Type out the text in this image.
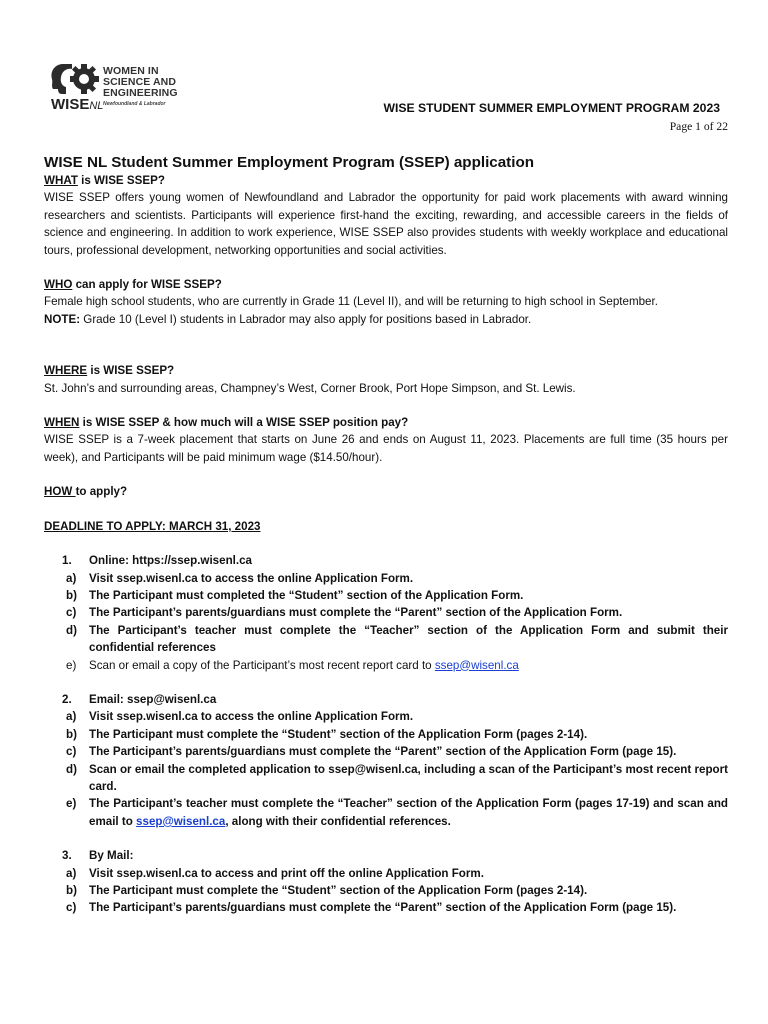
WISENL
WOMEN IN
SCIENCE AND
ENGINEERING
Newfoundland & Labrador	WISE STUDENT SUMMER EMPLOYMENT PROGRAM 2023
Page 1 of 22

WISE NL Student Summer Employment Program (SSEP) application

WHAT is WISE SSEP?

WISE SSEP offers young women of Newfoundland and Labrador the opportunity for paid work placements with award winning researchers and scientists. Participants will experience first-hand the exciting, rewarding, and accessible careers in the fields of science and engineering. In addition to work experience, WISE SSEP also provides students with weekly workplace and educational tours, professional development, networking opportunities and social activities.

WHO can apply for WISE SSEP?

Female high school students, who are currently in Grade 11 (Level II), and will be returning to high school in September.

NOTE: Grade 10 (Level I) students in Labrador may also apply for positions based in Labrador.

WHERE is WISE SSEP?

St. John’s and surrounding areas, Champney’s West, Corner Brook, Port Hope Simpson, and St. Lewis.

WHEN is WISE SSEP & how much will a WISE SSEP position pay?

WISE SSEP is a 7-week placement that starts on June 26 and ends on August 11, 2023. Placements are full time (35 hours per week), and Participants will be paid minimum wage ($14.50/hour).

HOW to apply?

DEADLINE TO APPLY: MARCH 31, 2023

1. Online: https://ssep.wisenl.ca

a) Visit ssep.wisenl.ca to access the online Application Form.
b) The Participant must completed the “Student” section of the Application Form.
c) The Participant’s parents/guardians must complete the “Parent” section of the Application Form.
d) The Participant’s teacher must complete the “Teacher” section of the Application Form and submit their confidential references
e) Scan or email a copy of the Participant’s most recent report card to ssep@wisenl.ca

2. Email: ssep@wisenl.ca

a) Visit ssep.wisenl.ca to access the online Application Form.
b) The Participant must complete the “Student” section of the Application Form (pages 2-14).
c) The Participant’s parents/guardians must complete the “Parent” section of the Application Form (page 15).
d) Scan or email the completed application to ssep@wisenl.ca, including a scan of the Participant’s most recent report card.
e) The Participant’s teacher must complete the “Teacher” section of the Application Form (pages 17-19) and scan and email to ssep@wisenl.ca, along with their confidential references.

3. By Mail:

a) Visit ssep.wisenl.ca to access and print off the online Application Form.
b) The Participant must complete the “Student” section of the Application Form (pages 2-14).
c) The Participant’s parents/guardians must complete the “Parent” section of the Application Form (page 15).
